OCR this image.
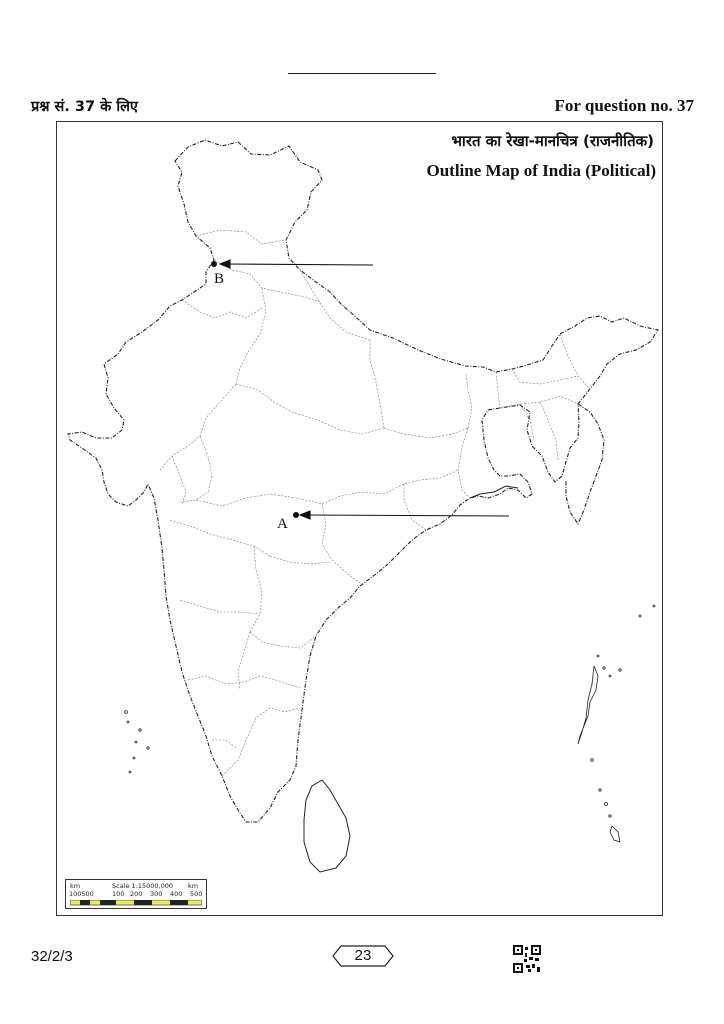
प्रश्न सं. 37 के लिए	For question no. 37
भारत का रेखा-मानचित्र (राजनीतिक)
Outline Map of India (Political)
B
A
km	Scale 1:15000,000 km
100500	100 200 300 400 500
32/2/3	23
